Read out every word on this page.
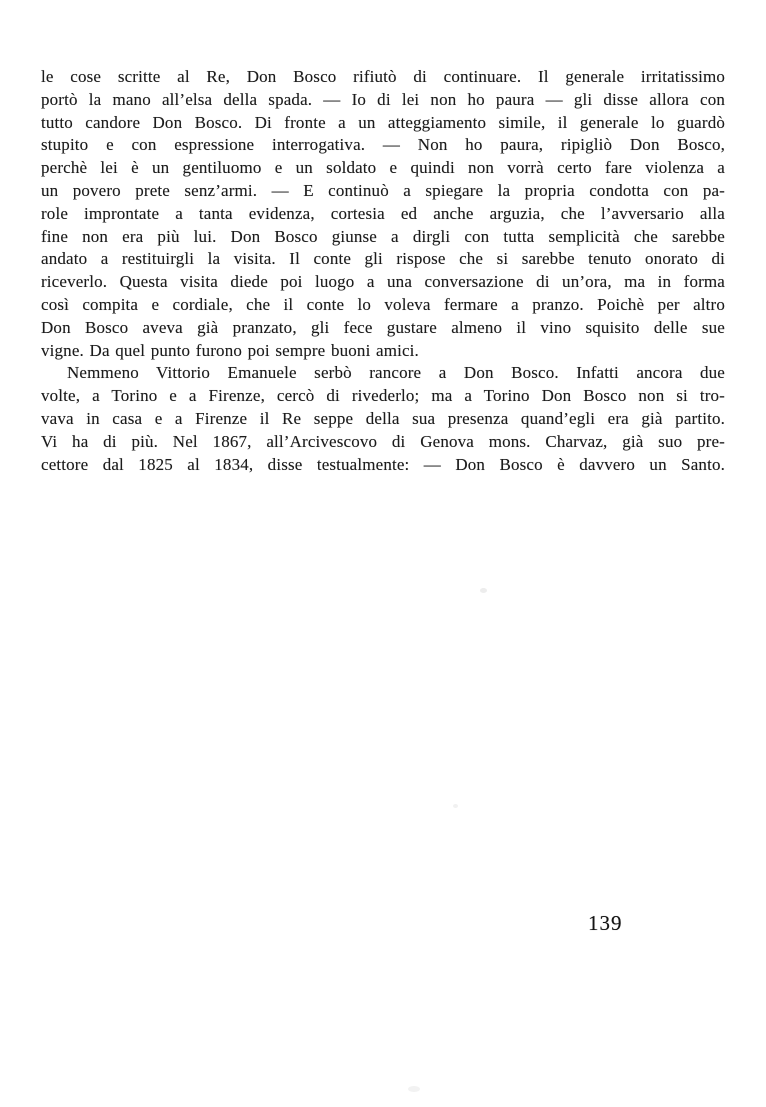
le cose scritte al Re, Don Bosco rifiutò di continuare. Il generale irritatissimo
portò la mano all’elsa della spada. — Io di lei non ho paura — gli disse allora con
tutto candore Don Bosco. Di fronte a un atteggiamento simile, il generale lo guardò
stupito e con espressione interrogativa. — Non ho paura, ripigliò Don Bosco,
perchè lei è un gentiluomo e un soldato e quindi non vorrà certo fare violenza a
un povero prete senz’armi. — E continuò a spiegare la propria condotta con pa-
role improntate a tanta evidenza, cortesia ed anche arguzia, che l’avversario alla
fine non era più lui. Don Bosco giunse a dirgli con tutta semplicità che sarebbe
andato a restituirgli la visita. Il conte gli rispose che si sarebbe tenuto onorato di
riceverlo. Questa visita diede poi luogo a una conversazione di un’ora, ma in forma
così compita e cordiale, che il conte lo voleva fermare a pranzo. Poichè per altro
Don Bosco aveva già pranzato, gli fece gustare almeno il vino squisito delle sue
vigne. Da quel punto furono poi sempre buoni amici.
Nemmeno Vittorio Emanuele serbò rancore a Don Bosco. Infatti ancora due
volte, a Torino e a Firenze, cercò di rivederlo; ma a Torino Don Bosco non si tro-
vava in casa e a Firenze il Re seppe della sua presenza quand’egli era già partito.
Vi ha di più. Nel 1867, all’Arcivescovo di Genova mons. Charvaz, già suo pre-
cettore dal 1825 al 1834, disse testualmente: — Don Bosco è davvero un Santo.
139
